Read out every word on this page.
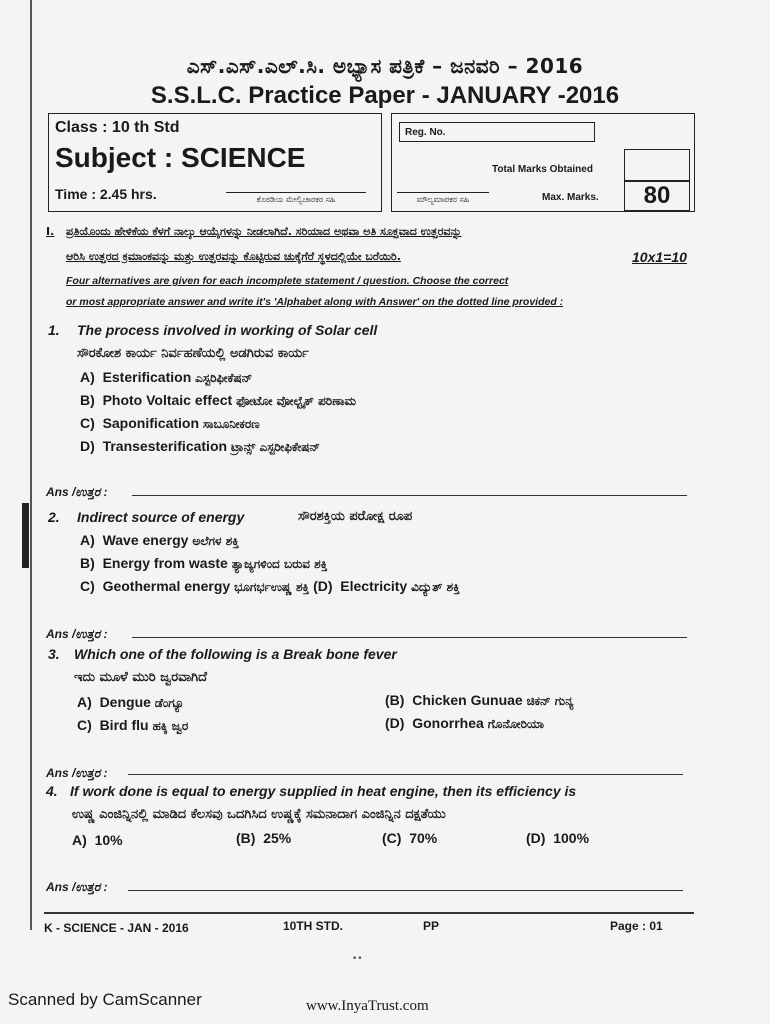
ಎಸ್.ಎಸ್.ಎಲ್.ಸಿ. ಅಭ್ಯಾಸ ಪತ್ರಿಕೆ – ಜನವರಿ – 2016
S.S.L.C. Practice Paper - JANUARY -2016
Class : 10 th Std
Subject : SCIENCE
Time : 2.45 hrs.	ಕೊಠಡಿಯ ಮೇಲ್ವಿಚಾರಕರ ಸಹಿ
Reg. No.
Total Marks Obtained
Max. Marks.	80
ಮೌಲ್ಯಮಾಪಕರ ಸಹಿ
I. ಪ್ರತಿಯೊಂದು ಹೇಳಿಕೆಯ ಕೆಳಗೆ ನಾಲ್ಕು ಆಯ್ಕೆಗಳನ್ನು ನೀಡಲಾಗಿದೆ. ಸರಿಯಾದ ಅಥವಾ ಅತಿ ಸೂಕ್ತವಾದ ಉತ್ತರವನ್ನು
ಆರಿಸಿ ಉತ್ತರದ ಕ್ರಮಾಂಕವನ್ನು ಮತ್ತು ಉತ್ತರವನ್ನು ಕೊಟ್ಟಿರುವ ಚುಕ್ಕೆಗೆರೆ ಸ್ಥಳದಲ್ಲಿಯೇ ಬರೆಯಿರಿ.	10x1=10
Four alternatives are given for each incomplete statement / question. Choose the correct
or most appropriate answer and write it's 'Alphabet along with Answer' on the dotted line provided :
1. The process involved in working of Solar cell
ಸೌರಕೋಶ ಕಾರ್ಯ ನಿರ್ವಹಣೆಯಲ್ಲಿ ಅಡಗಿರುವ ಕಾರ್ಯ
A) Esterification ಎಸ್ಟರಿಫೀಕೆಷನ್
B) Photo Voltaic effect ಫೋಟೋ ವೋಲ್ಟೈಕ್ ಪರಿಣಾಮ
C) Saponification ಸಾಬೂನೀಕರಣ
D) Transesterification ಟ್ರಾನ್ಸ್ ಎಸ್ಟರೀಫಿಕೇಷನ್
Ans /ಉತ್ತರ :
2. Indirect source of energy	ಸೌರಶಕ್ತಿಯ ಪರೋಕ್ಷ ರೂಪ
A) Wave energy ಅಲೆಗಳ ಶಕ್ತಿ
B) Energy from waste ತ್ಯಾಜ್ಯಗಳಿಂದ ಬರುವ ಶಕ್ತಿ
C) Geothermal energy ಭೂಗರ್ಭಉಷ್ಣ ಶಕ್ತಿ (D) Electricity ವಿದ್ಯುತ್ ಶಕ್ತಿ
Ans /ಉತ್ತರ :
3. Which one of the following is a Break bone fever
ಇದು ಮೂಳೆ ಮುರಿ ಜ್ವರವಾಗಿದೆ
A) Dengue ಡೆಂಗ್ಯೂ	(B) Chicken Gunuae ಚಿಕನ್ ಗುನ್ಯ
C) Bird flu ಹಕ್ಕಿ ಜ್ವರ	(D) Gonorrhea ಗೊನೋರಿಯಾ
Ans /ಉತ್ತರ :
4. If work done is equal to energy supplied in heat engine, then its efficiency is
ಉಷ್ಣ ಎಂಜಿನ್ನಿನಲ್ಲಿ ಮಾಡಿದ ಕೆಲಸವು ಒದಗಿಸಿದ ಉಷ್ಣಕ್ಕೆ ಸಮನಾದಾಗ ಎಂಜಿನ್ನಿನ ದಕ್ಷತೆಯು
A) 10%	(B) 25%	(C) 70%	(D) 100%
Ans /ಉತ್ತರ :
K - SCIENCE - JAN - 2016	10TH STD.	PP	Page : 01
••
Scanned by CamScanner	www.InyaTrust.com
